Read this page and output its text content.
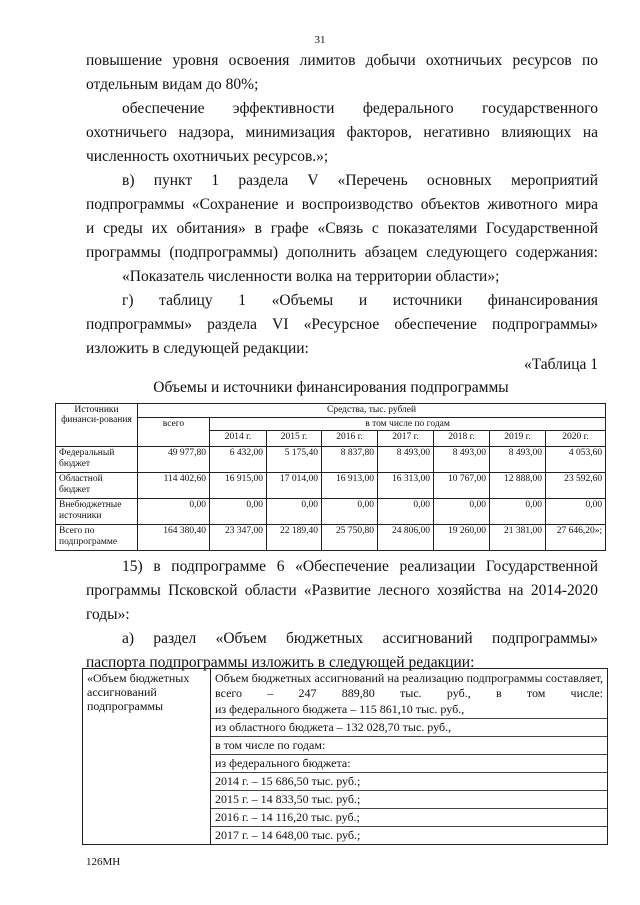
31
повышение уровня освоения лимитов добычи охотничьих ресурсов по
отдельным видам до 80%;
обеспечение эффективности федерального государственного
охотничьего надзора, минимизация факторов, негативно влияющих на
численность охотничьих ресурсов.»;
в) пункт 1 раздела V «Перечень основных мероприятий
подпрограммы «Сохранение и воспроизводство объектов животного мира
и среды их обитания» в графе «Связь с показателями Государственной
программы (подпрограммы) дополнить абзацем следующего содержания:
«Показатель численности волка на территории области»;
г) таблицу 1 «Объемы и источники финансирования
подпрограммы» раздела VI «Ресурсное обеспечение подпрограммы»
изложить в следующей редакции:
«Таблица 1
Объемы и источники финансирования подпрограммы
Источники финанси-рования	Средства, тыс. рублей							
	всего	в том числе по годам						
		2014 г.	2015 г.	2016 г.	2017 г.	2018 г.	2019 г.	2020 г.
Федеральный бюджет	49 977,80	6 432,00	5 175,40	8 837,80	8 493,00	8 493,00	8 493,00	4 053,60
Областной бюджет	114 402,60	16 915,00	17 014,00	16 913,00	16 313,00	10 767,00	12 888,00	23 592,60
Внебюджетные источники	0,00	0,00	0,00	0,00	0,00	0,00	0,00	0,00
Всего по подпрограмме	164 380,40	23 347,00	22 189,40	25 750,80	24 806,00	19 260,00	21 381,00	27 646,20»;
15) в подпрограмме 6 «Обеспечение реализации Государственной
программы Псковской области «Развитие лесного хозяйства на 2014-2020
годы»:
а) раздел «Объем бюджетных ассигнований подпрограммы»
паспорта подпрограммы изложить в следующей редакции:
«Объем бюджетных ассигнований подпрограммы	
Объем бюджетных ассигнований на реализацию подпрограммы составляет, всего – 247 889,80 тыс. руб., в том числе:
из федерального бюджета – 115 861,10 тыс. руб.,
из областного бюджета – 132 028,70 тыс. руб.,
в том числе по годам:
из федерального бюджета:
2014 г. – 15 686,50 тыс. руб.;
2015 г. – 14 833,50 тыс. руб.;
2016 г. – 14 116,20 тыс. руб.;
2017 г. – 14 648,00 тыс. руб.;
126МН
